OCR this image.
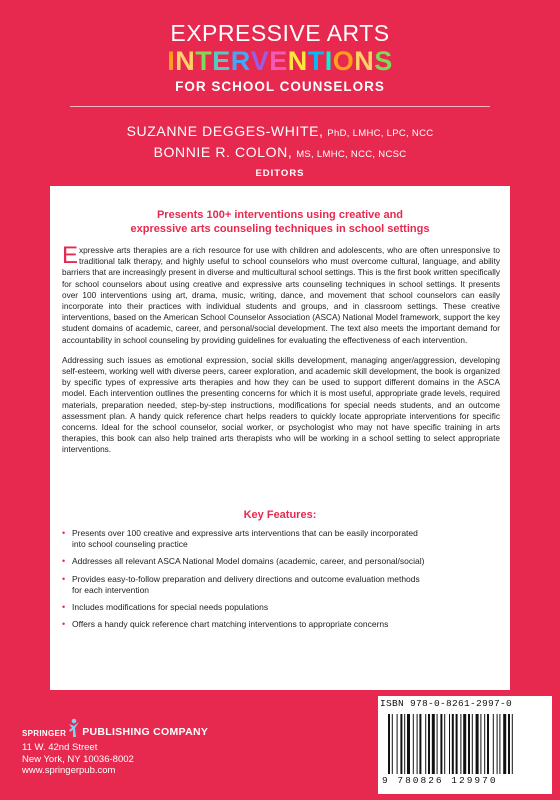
EXPRESSIVE ARTS
INTERVENTIONS
FOR SCHOOL COUNSELORS
SUZANNE DEGGES-WHITE, PhD, LMHC, LPC, NCC
BONNIE R. COLON, MS, LMHC, NCC, NCSC
EDITORS
Presents 100+ interventions using creative and
expressive arts counseling techniques in school settings

Expressive arts therapies are a rich resource for use with children and adolescents, who are often unresponsive to traditional talk therapy, and highly useful to school counselors who must overcome cultural, language, and ability barriers that are increasingly present in diverse and multicultural school settings. This is the first book written specifically for school counselors about using creative and expressive arts counseling techniques in school settings. It presents over 100 interventions using art, drama, music, writing, dance, and movement that school counselors can easily incorporate into their practices with individual students and groups, and in classroom settings. These creative interventions, based on the American School Counselor Association (ASCA) National Model framework, support the key student domains of academic, career, and personal/social development. The text also meets the important demand for accountability in school counseling by providing guidelines for evaluating the effectiveness of each intervention.

Addressing such issues as emotional expression, social skills development, managing anger/aggression, developing self-esteem, working well with diverse peers, career exploration, and academic skill development, the book is organized by specific types of expressive arts therapies and how they can be used to support different domains in the ASCA model. Each intervention outlines the presenting concerns for which it is most useful, appropriate grade levels, required materials, preparation needed, step-by-step instructions, modifications for special needs students, and an outcome assessment plan. A handy quick reference chart helps readers to quickly locate appropriate interventions for specific concerns. Ideal for the school counselor, social worker, or psychologist who may not have specific training in arts therapies, this book can also help trained arts therapists who will be working in a school setting to select appropriate interventions.

Key Features:
• Presents over 100 creative and expressive arts interventions that can be easily incorporated
into school counseling practice
• Addresses all relevant ASCA National Model domains (academic, career, and personal/social)
• Provides easy-to-follow preparation and delivery directions and outcome evaluation methods
for each intervention
• Includes modifications for special needs populations
• Offers a handy quick reference chart matching interventions to appropriate concerns
ISBN 978-0-8261-2997-0
9 780826 129970
SPRINGER PUBLISHING COMPANY
11 W. 42nd Street
New York, NY 10036-8002
www.springerpub.com
